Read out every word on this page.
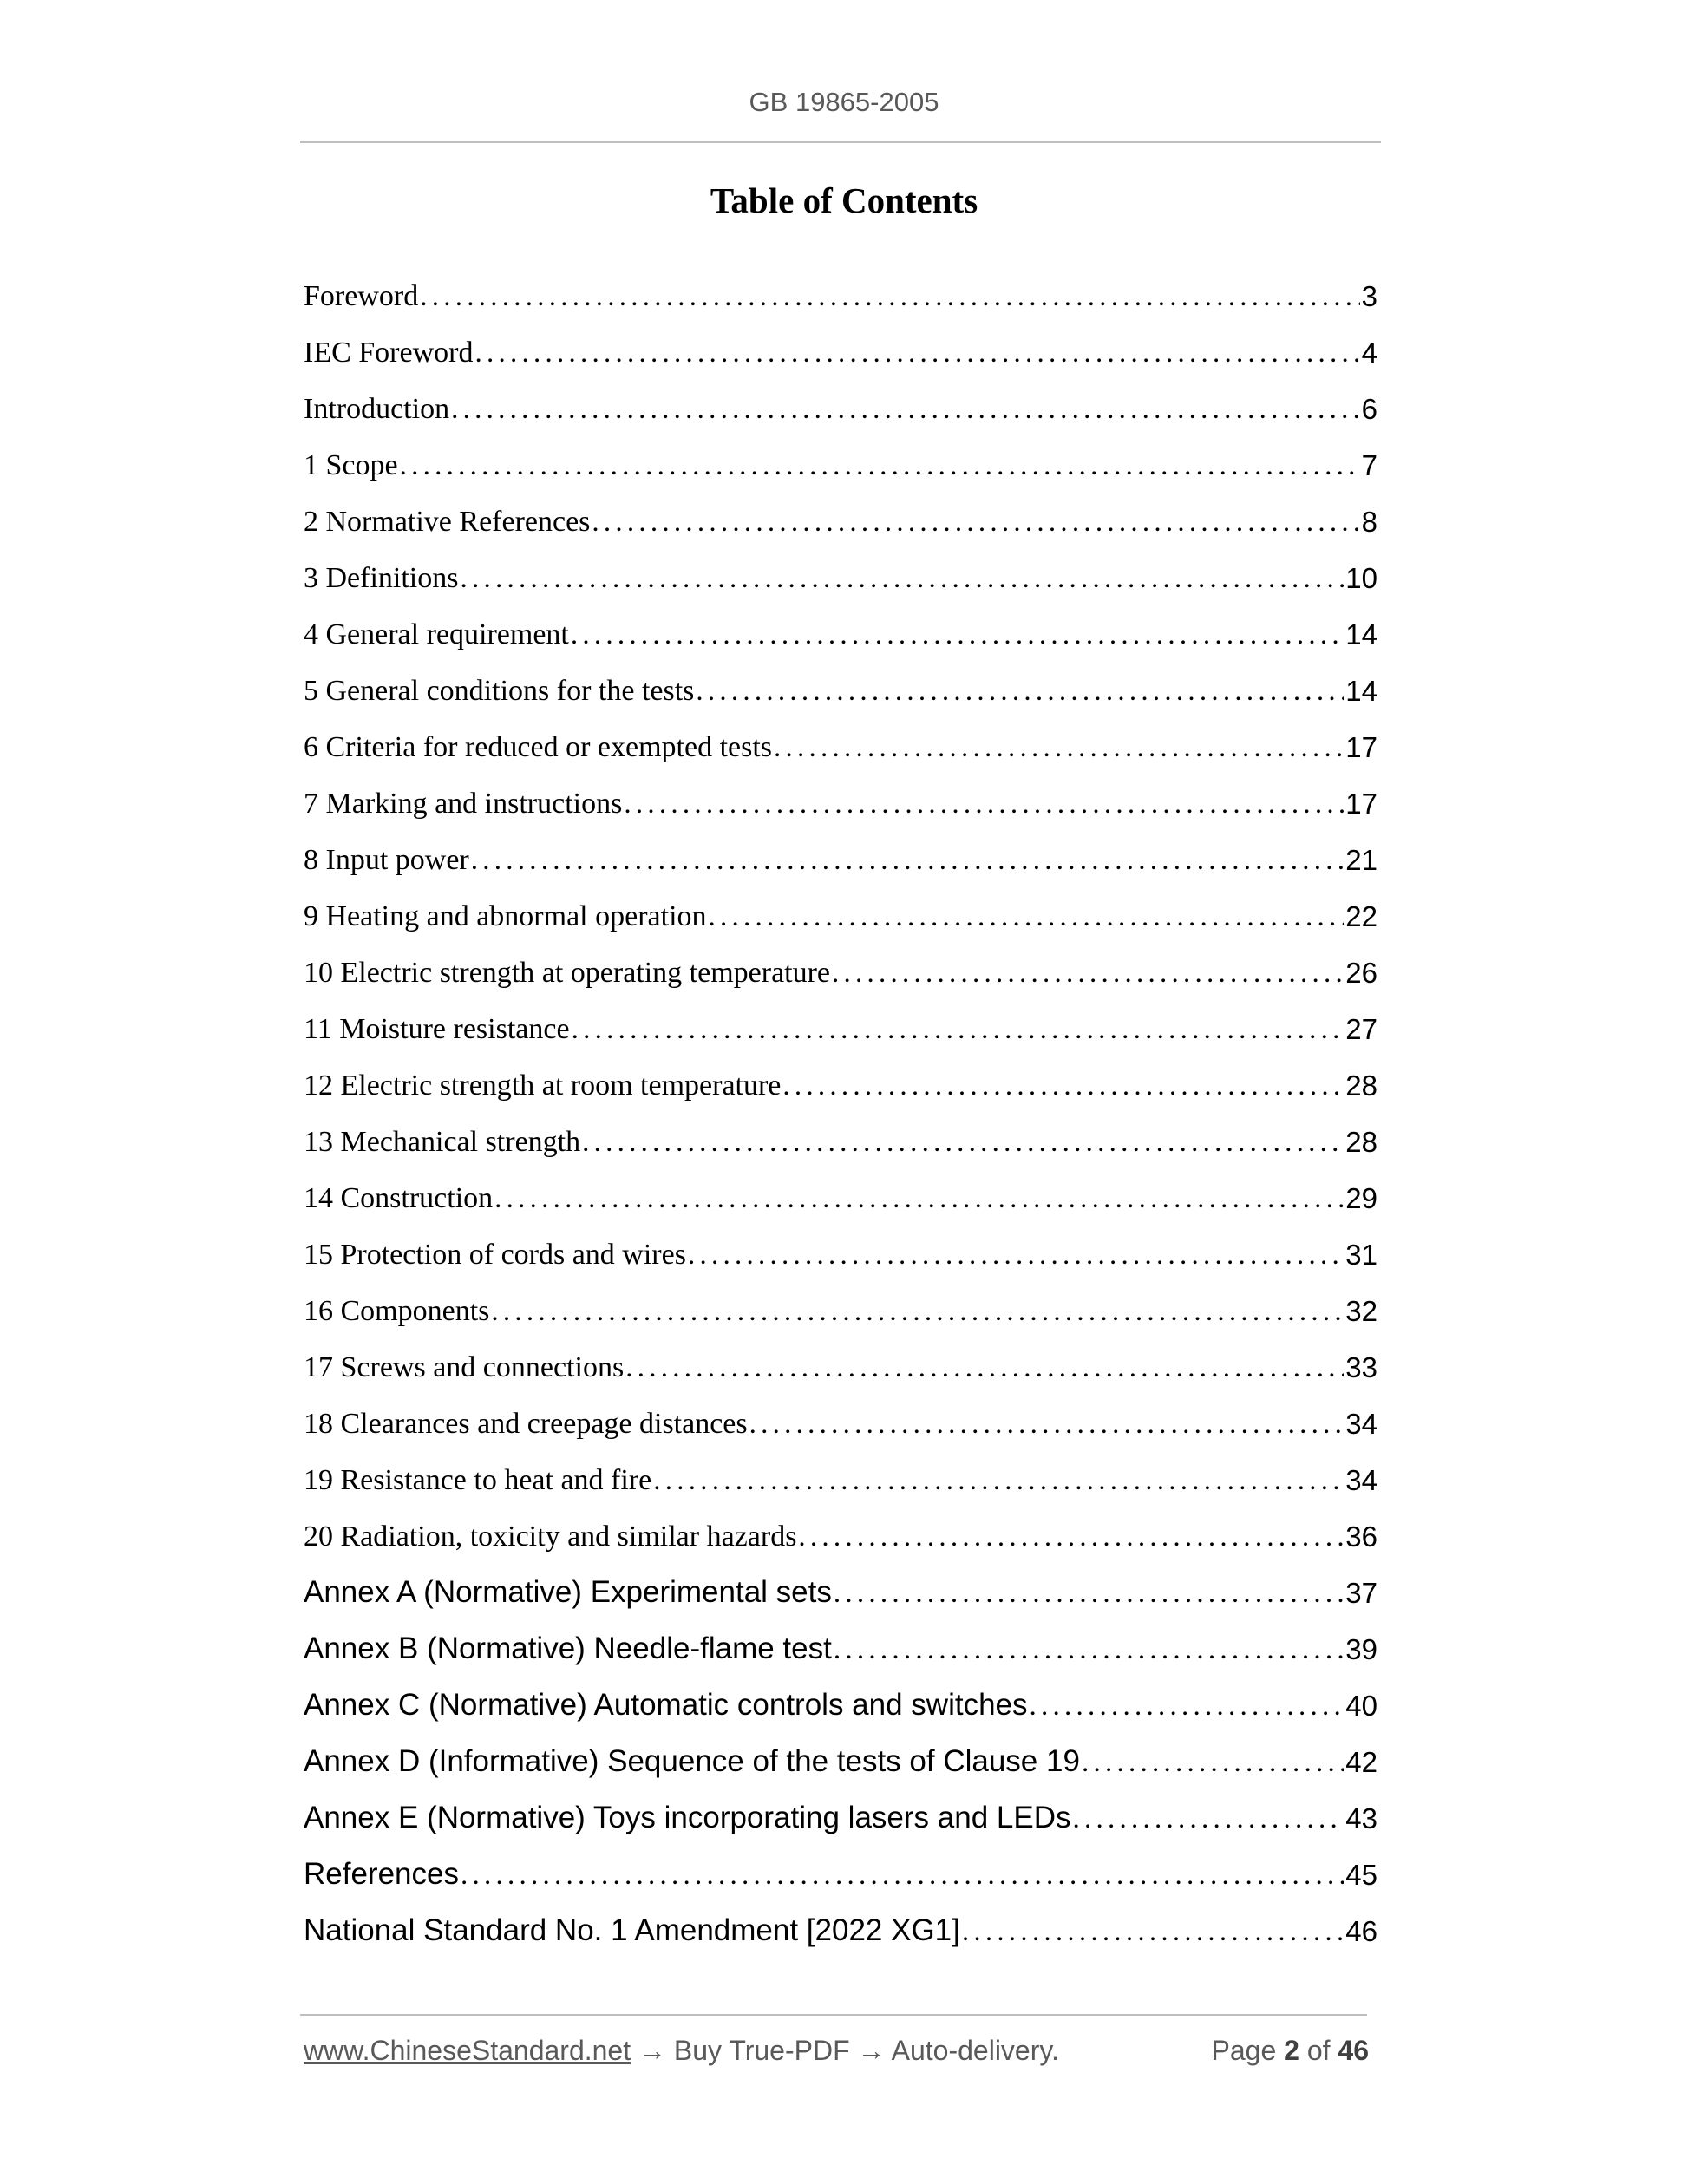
GB 19865-2005
Table of Contents
Foreword . . .	3
IEC Foreword . . .	4
Introduction . . .	6
1 Scope . . .	7
2 Normative References . . .	8
3 Definitions . . .	10
4 General requirement . . .	14
5 General conditions for the tests . . .	14
6 Criteria for reduced or exempted tests . . .	17
7 Marking and instructions . . .	17
8 Input power . . .	21
9 Heating and abnormal operation . . .	22
10 Electric strength at operating temperature . . .	26
11 Moisture resistance . . .	27
12 Electric strength at room temperature . . .	28
13 Mechanical strength . . .	28
14 Construction . . .	29
15 Protection of cords and wires . . .	31
16 Components . . .	32
17 Screws and connections . . .	33
18 Clearances and creepage distances . . .	34
19 Resistance to heat and fire . . .	34
20 Radiation, toxicity and similar hazards . . .	36
Annex A (Normative) Experimental sets . . .	37
Annex B (Normative) Needle-flame test . . .	39
Annex C (Normative) Automatic controls and switches . . .	40
Annex D (Informative) Sequence of the tests of Clause 19 . . .	42
Annex E (Normative) Toys incorporating lasers and LEDs . . .	43
References . . .	45
National Standard No. 1 Amendment [2022 XG1] . . .	46
www.ChineseStandard.net → Buy True-PDF → Auto-delivery.	Page 2 of 46
